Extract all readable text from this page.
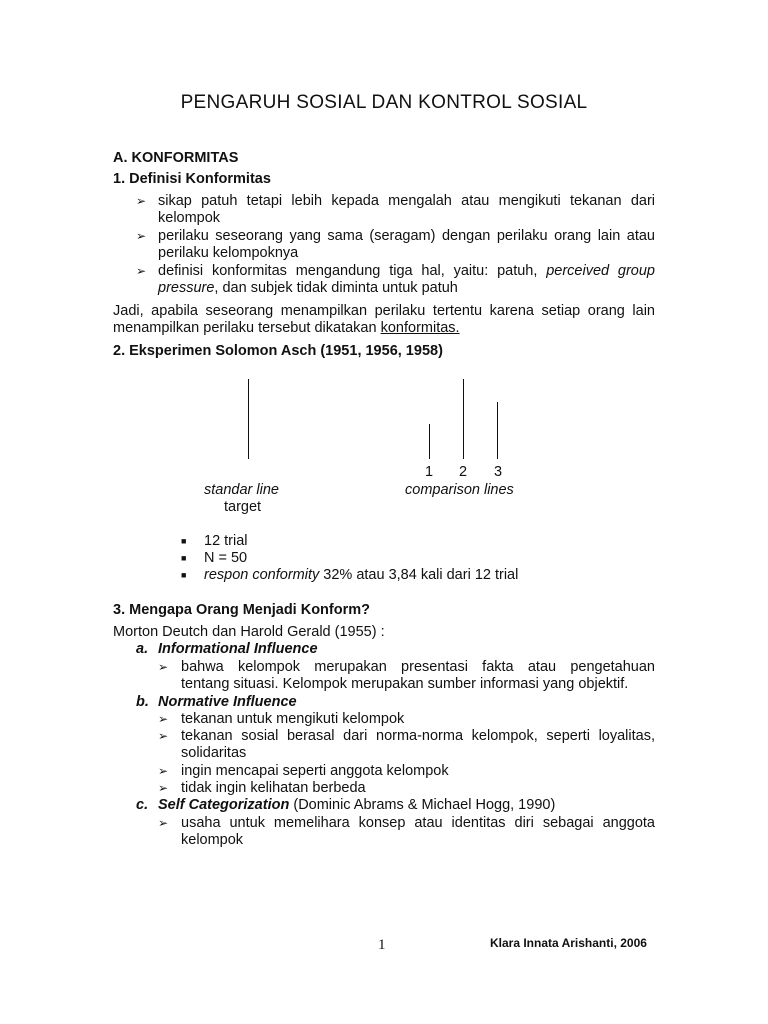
PENGARUH SOSIAL DAN KONTROL SOSIAL
A. KONFORMITAS
1. Definisi Konformitas
➢ sikap patuh tetapi lebih kepada mengalah atau mengikuti tekanan dari
kelompok
➢ perilaku seseorang yang sama (seragam) dengan perilaku orang lain atau
perilaku kelompoknya
➢ definisi konformitas mengandung tiga hal, yaitu: patuh, perceived group
pressure, dan subjek tidak diminta untuk patuh
Jadi, apabila seseorang menampilkan perilaku tertentu karena setiap orang lain
menampilkan perilaku tersebut dikatakan konformitas.
2. Eksperimen Solomon Asch (1951, 1956, 1958)
1 2 3
standar line
target
comparison lines
■ 12 trial
■ N = 50
■ respon conformity 32% atau 3,84 kali dari 12 trial
3. Mengapa Orang Menjadi Konform?
Morton Deutch dan Harold Gerald (1955) :
a. Informational Influence
➢ bahwa kelompok merupakan presentasi fakta atau pengetahuan
tentang situasi. Kelompok merupakan sumber informasi yang objektif.
b. Normative Influence
➢ tekanan untuk mengikuti kelompok
➢ tekanan sosial berasal dari norma-norma kelompok, seperti loyalitas,
solidaritas
➢ ingin mencapai seperti anggota kelompok
➢ tidak ingin kelihatan berbeda
c. Self Categorization (Dominic Abrams & Michael Hogg, 1990)
➢ usaha untuk memelihara konsep atau identitas diri sebagai anggota
kelompok
1	Klara Innata Arishanti, 2006
